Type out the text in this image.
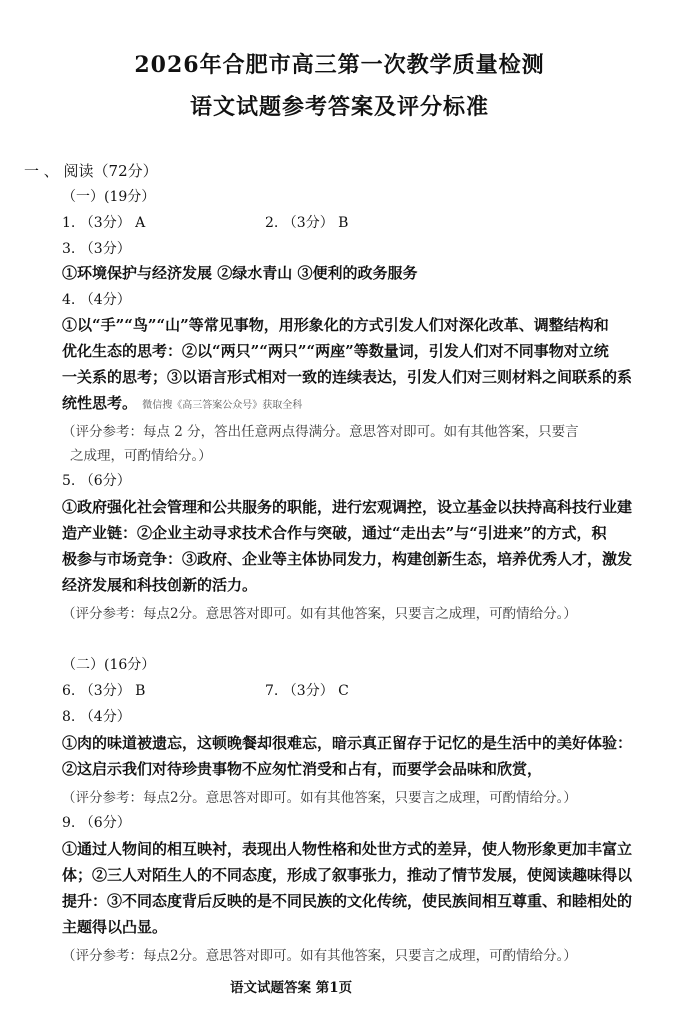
2026年合肥市高三第一次教学质量检测
语文试题参考答案及评分标准
一 、 阅读（72分）
（一）(19分）
1. （3分） A	2. （3分） B
3. （3分）
①环境保护与经济发展 ②绿水青山 ③便利的政务服务
4. （4分）
①以“手”“鸟”“山”等常见事物，用形象化的方式引发人们对深化改革、调整结构和
优化生态的思考：②以“两只”“两只”“两座”等数量词，引发人们对不同事物对立统
一关系的思考；③以语言形式相对一致的连续表达，引发人们对三则材料之间联系的系
统性思考。 微信搜《高三答案公众号》获取全科
（评分参考：每点 2 分，答出任意两点得满分。意思答对即可。如有其他答案，只要言
之成理，可酌情给分。）
5. （6分）
①政府强化社会管理和公共服务的职能，进行宏观调控，设立基金以扶持高科技行业建
造产业链：②企业主动寻求技术合作与突破，通过“走出去”与“引进来”的方式，积
极参与市场竞争：③政府、企业等主体协同发力，构建创新生态，培养优秀人才，激发
经济发展和科技创新的活力。
（评分参考：每点2分。意思答对即可。如有其他答案，只要言之成理，可酌情给分。）
（二）(16分）
6. （3分） B	7. （3分） C
8. （4分）
①肉的味道被遗忘，这顿晚餐却很难忘，暗示真正留存于记忆的是生活中的美好体验：
②这启示我们对待珍贵事物不应匆忙消受和占有，而要学会品味和欣赏，
（评分参考：每点2分。意思答对即可。如有其他答案，只要言之成理，可酌情给分。）
9. （6分）
①通过人物间的相互映衬，表现出人物性格和处世方式的差异，使人物形象更加丰富立
体；②三人对陌生人的不同态度，形成了叙事张力，推动了情节发展，使阅读趣味得以
提升：③不同态度背后反映的是不同民族的文化传统，使民族间相互尊重、和睦相处的
主题得以凸显。
（评分参考：每点2分。意思答对即可。如有其他答案，只要言之成理，可酌情给分。）
语文试题答案 第1页
